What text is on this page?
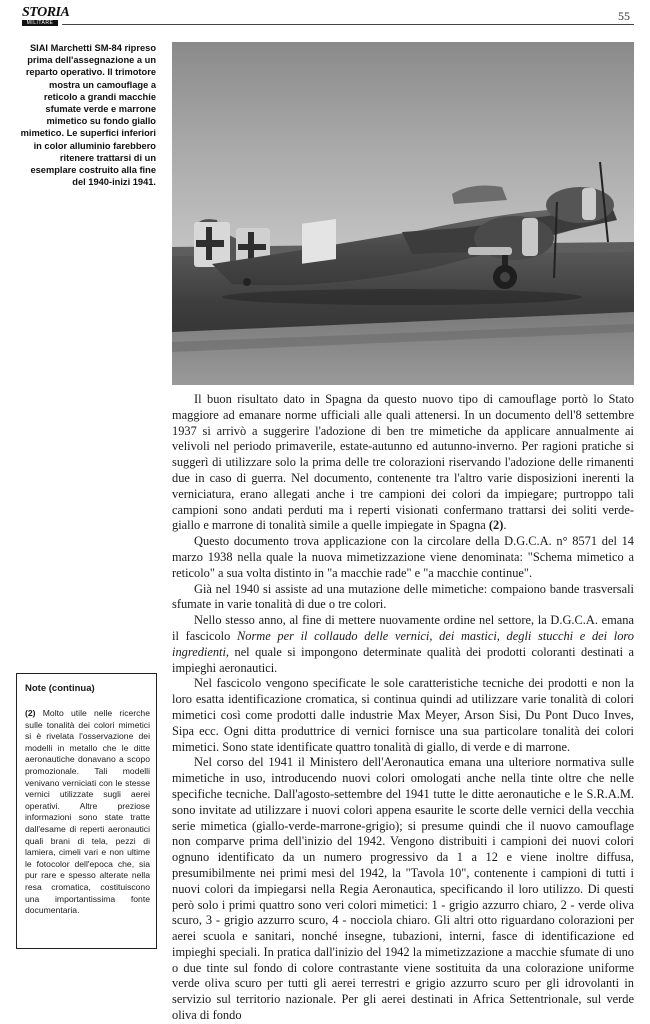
STORIA
MILITARE	55
SIAI Marchetti SM-84 ripreso prima dell'assegnazione a un reparto operativo. Il trimotore mostra un camouflage a reticolo a grandi macchie sfumate verde e marrone mimetico su fondo giallo mimetico. Le superfici inferiori in color alluminio farebbero ritenere trattarsi di un esemplare costruito alla fine del 1940-inizi 1941.

Il buon risultato dato in Spagna da questo nuovo tipo di camouflage portò lo Stato maggiore ad emanare norme ufficiali alle quali attenersi. In un documento dell'8 settembre 1937 si arrivò a suggerire l'adozione di ben tre mimetiche da applicare annualmente ai velivoli nel periodo primaverile, estate-autunno ed autunno-inverno. Per ragioni pratiche si suggerì di utilizzare solo la prima delle tre colorazioni riservando l'adozione delle rimanenti due in caso di guerra. Nel documento, contenente tra l'altro varie disposizioni inerenti la verniciatura, erano allegati anche i tre campioni dei colori da impiegare; purtroppo tali campioni sono andati perduti ma i reperti visionati confermano trattarsi dei soliti verde-giallo e marrone di tonalità simile a quelle impiegate in Spagna (2).

Questo documento trova applicazione con la circolare della D.G.C.A. n° 8571 del 14 marzo 1938 nella quale la nuova mimetizzazione viene denominata: "Schema mimetico a reticolo" a sua volta distinto in "a macchie rade" e "a macchie continue".

Già nel 1940 si assiste ad una mutazione delle mimetiche: compaiono bande trasversali sfumate in varie tonalità di due o tre colori.

Nello stesso anno, al fine di mettere nuovamente ordine nel settore, la D.G.C.A. emana il fascicolo Norme per il collaudo delle vernici, dei mastici, degli stucchi e dei loro ingredienti, nel quale si impongono determinate qualità dei prodotti coloranti destinati a impieghi aeronautici.

Nel fascicolo vengono specificate le sole caratteristiche tecniche dei prodotti e non la loro esatta identificazione cromatica, si continua quindi ad utilizzare varie tonalità di colori mimetici così come prodotti dalle industrie Max Meyer, Arson Sisi, Du Pont Duco Inves, Sipa ecc. Ogni ditta produttrice di vernici fornisce una sua particolare tonalità dei colori mimetici. Sono state identificate quattro tonalità di giallo, di verde e di marrone.

Nel corso del 1941 il Ministero dell'Aeronautica emana una ulteriore normativa sulle mimetiche in uso, introducendo nuovi colori omologati anche nella tinte oltre che nelle specifiche tecniche. Dall'agosto-settembre del 1941 tutte le ditte aeronautiche e le S.R.A.M. sono invitate ad utilizzare i nuovi colori appena esaurite le scorte delle vernici della vecchia serie mimetica (giallo-verde-marrone-grigio); si presume quindi che il nuovo camouflage non comparve prima dell'inizio del 1942. Vengono distribuiti i campioni dei nuovi colori ognuno identificato da un numero progressivo da 1 a 12 e viene inoltre diffusa, presumibilmente nei primi mesi del 1942, la "Tavola 10", contenente i campioni di tutti i nuovi colori da impiegarsi nella Regia Aeronautica, specificando il loro utilizzo. Di questi però solo i primi quattro sono veri colori mimetici: 1 - grigio azzurro chiaro, 2 - verde oliva scuro, 3 - grigio azzurro scuro, 4 - nocciola chiaro. Gli altri otto riguardano colorazioni per aerei scuola e sanitari, nonché insegne, tubazioni, interni, fasce di identificazione ed impieghi speciali. In pratica dall'inizio del 1942 la mimetizzazione a macchie sfumate di uno o due tinte sul fondo di colore contrastante viene sostituita da una colorazione uniforme verde oliva scuro per tutti gli aerei terrestri e grigio azzurro scuro per gli idrovolanti in servizio sul territorio nazionale. Per gli aerei destinati in Africa Settentrionale, sul verde oliva di fondo

Note (continua)
(2) Molto utile nelle ricerche sulle tonalità dei colori mimetici si è rivelata l'osservazione dei modelli in metallo che le ditte aeronautiche donavano a scopo promozionale. Tali modelli venivano verniciati con le stesse vernici utilizzate sugli aerei operativi. Altre preziose informazioni sono state tratte dall'esame di reperti aeronautici quali brani di tela, pezzi di lamiera, cimeli vari e non ultime le fotocolor dell'epoca che, sia pur rare e spesso alterate nella resa cromatica, costituiscono una importantissima fonte documentaria.
